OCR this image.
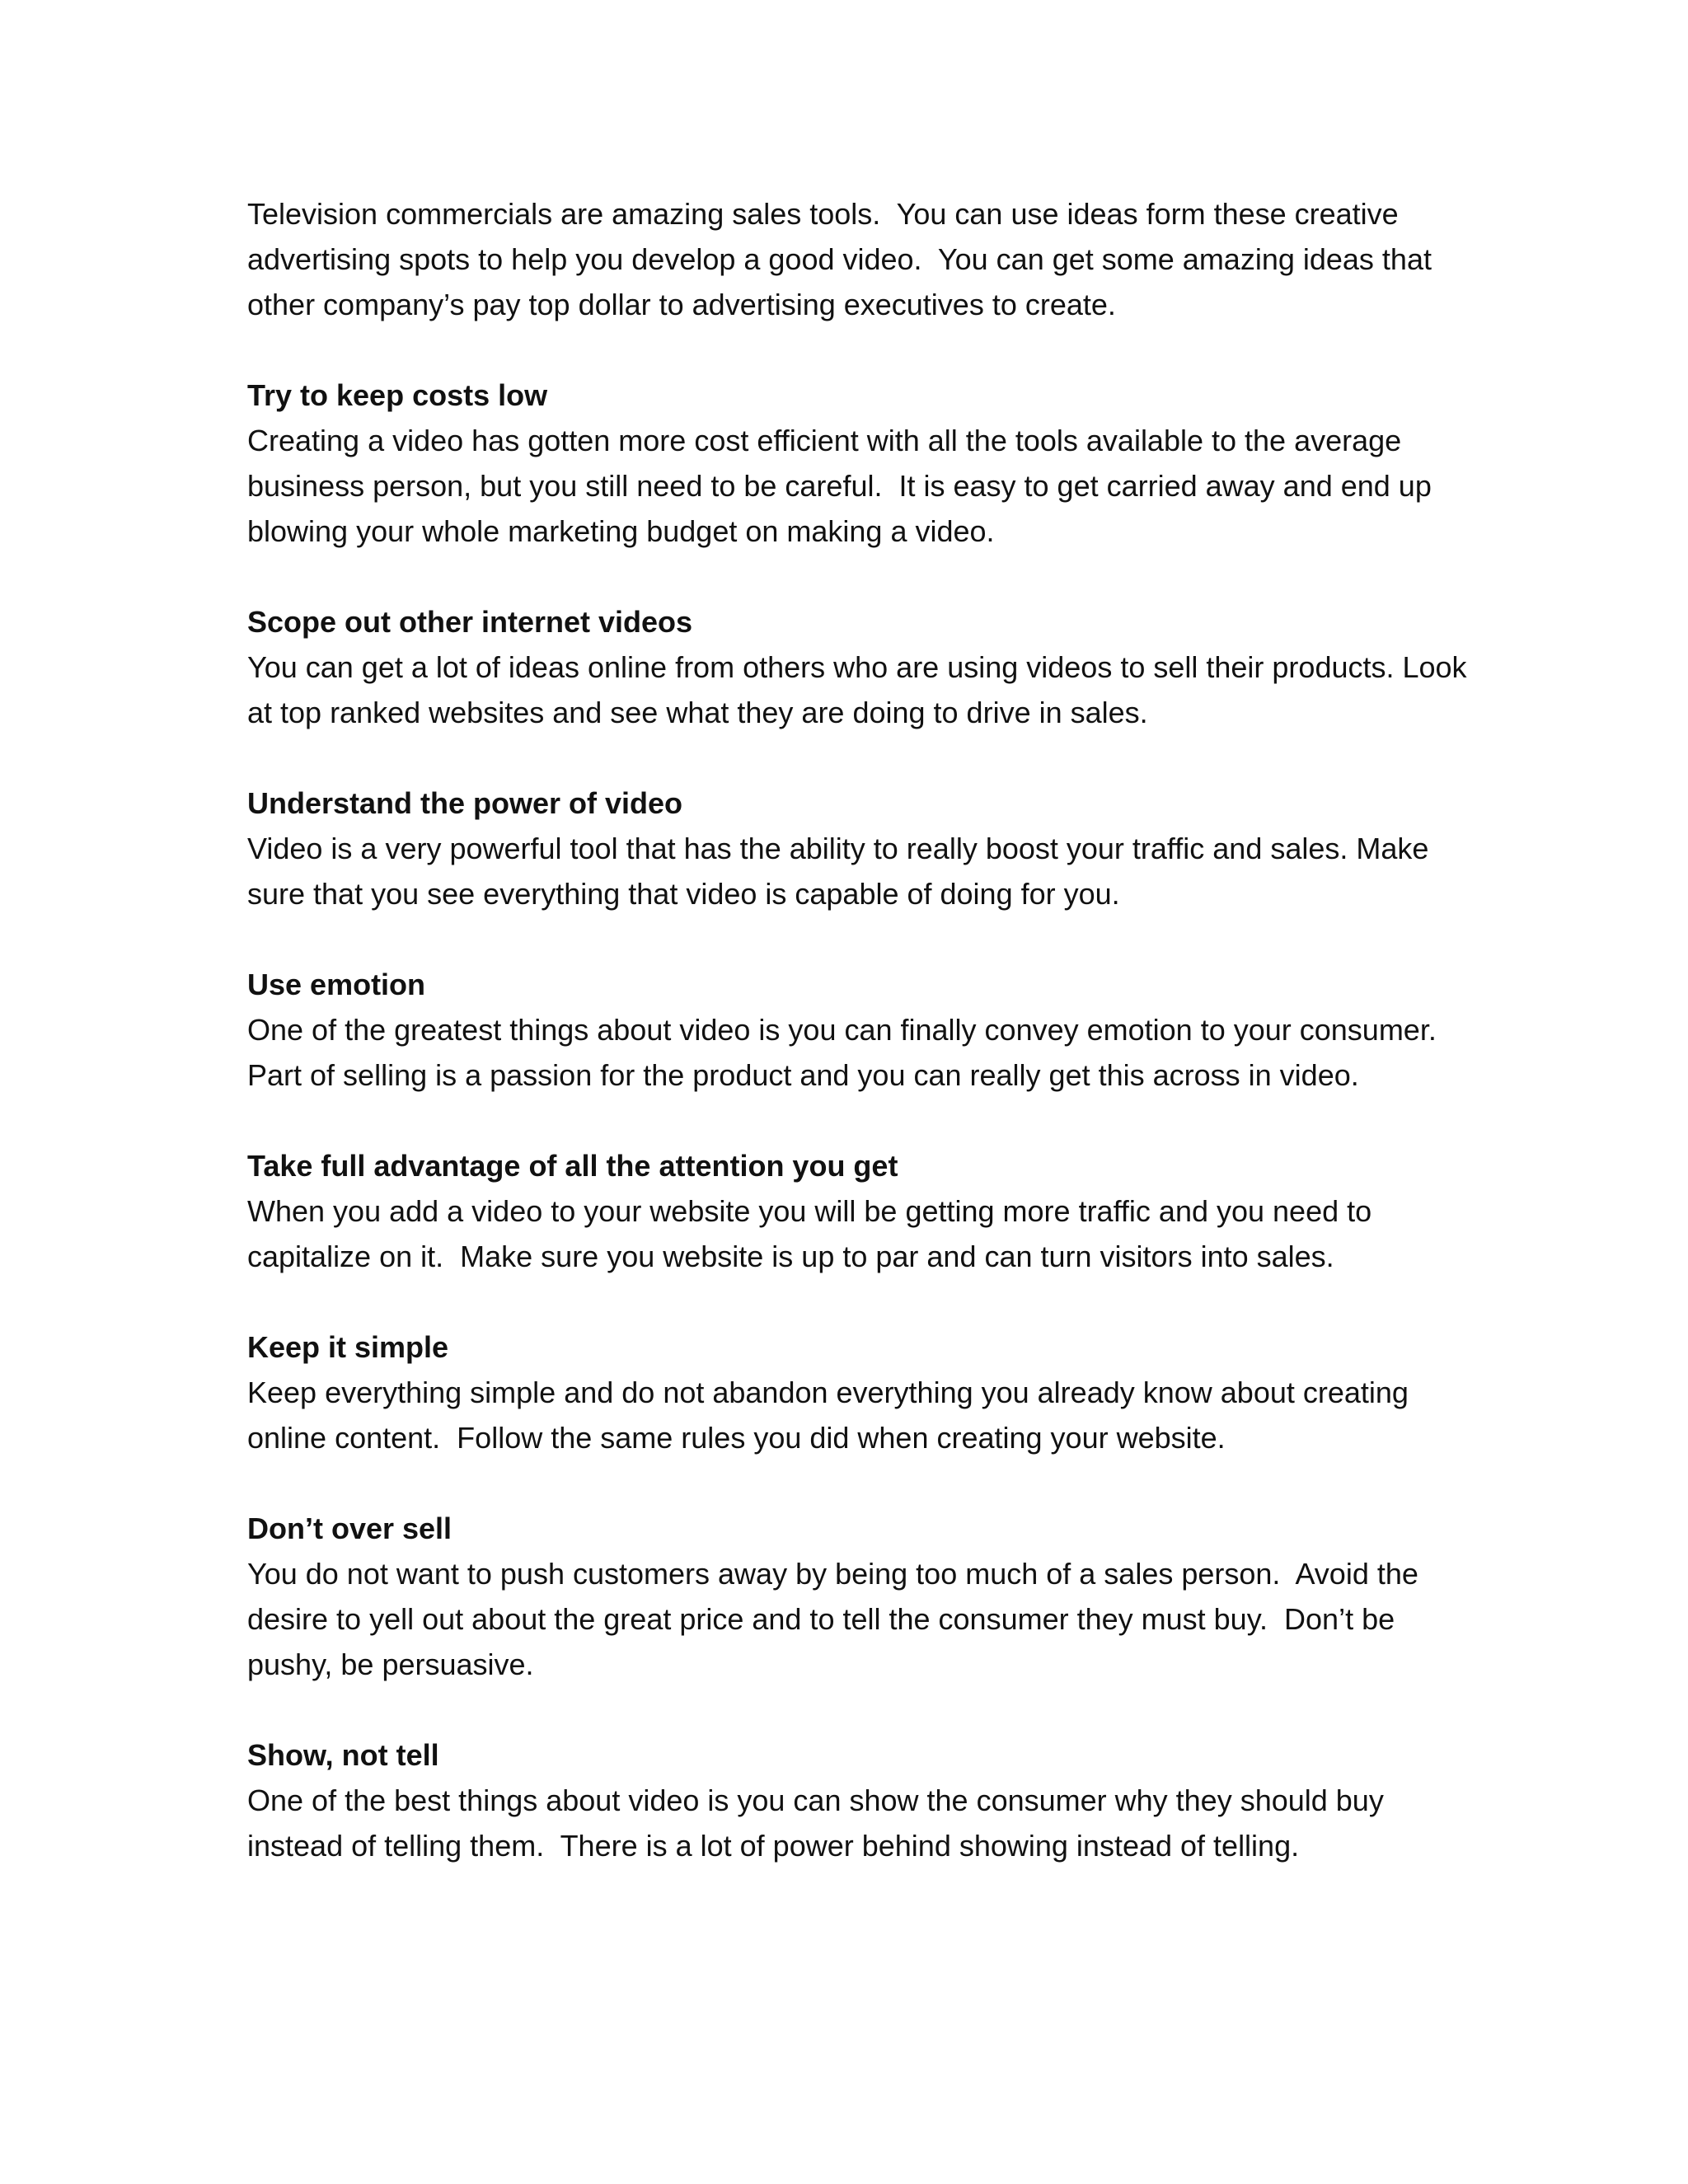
Television commercials are amazing sales tools.  You can use ideas form these creative advertising spots to help you develop a good video.  You can get some amazing ideas that other company’s pay top dollar to advertising executives to create.

Try to keep costs low

Creating a video has gotten more cost efficient with all the tools available to the average business person, but you still need to be careful.  It is easy to get carried away and end up blowing your whole marketing budget on making a video.

Scope out other internet videos

You can get a lot of ideas online from others who are using videos to sell their products. Look at top ranked websites and see what they are doing to drive in sales.

Understand the power of video

Video is a very powerful tool that has the ability to really boost your traffic and sales. Make sure that you see everything that video is capable of doing for you.

Use emotion

One of the greatest things about video is you can finally convey emotion to your consumer.  Part of selling is a passion for the product and you can really get this across in video.

Take full advantage of all the attention you get

When you add a video to your website you will be getting more traffic and you need to capitalize on it.  Make sure you website is up to par and can turn visitors into sales.

Keep it simple

Keep everything simple and do not abandon everything you already know about creating online content.  Follow the same rules you did when creating your website.

Don’t over sell

You do not want to push customers away by being too much of a sales person.  Avoid the desire to yell out about the great price and to tell the consumer they must buy.  Don’t be pushy, be persuasive.

Show, not tell

One of the best things about video is you can show the consumer why they should buy instead of telling them.  There is a lot of power behind showing instead of telling.
